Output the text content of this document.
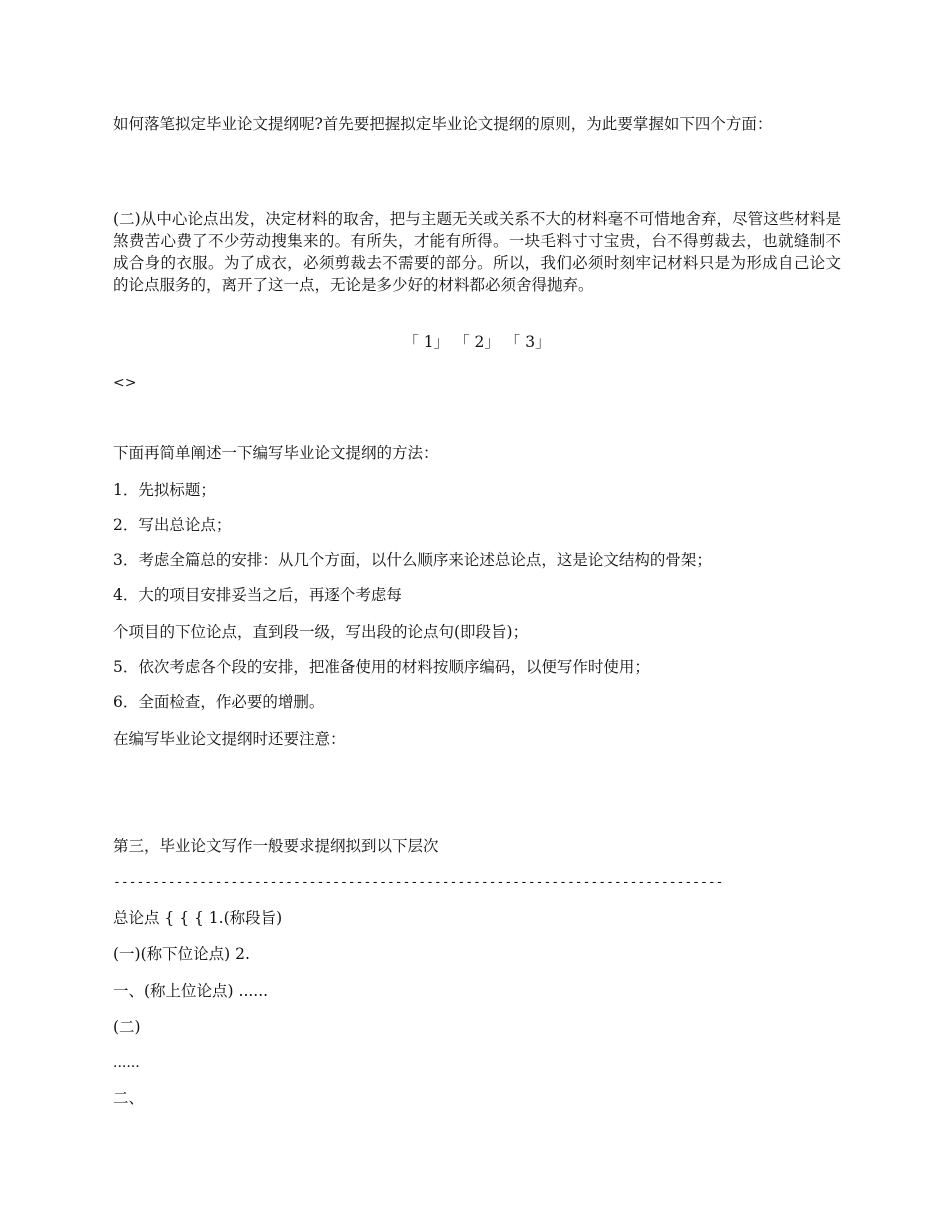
如何落笔拟定毕业论文提纲呢?首先要把握拟定毕业论文提纲的原则，为此要掌握如下四个方面：
(二)从中心论点出发，决定材料的取舍，把与主题无关或关系不大的材料毫不可惜地舍弃，尽管这些材料是煞费苦心费了不少劳动搜集来的。有所失，才能有所得。一块毛料寸寸宝贵，台不得剪裁去，也就缝制不成合身的衣服。为了成衣，必须剪裁去不需要的部分。所以，我们必须时刻牢记材料只是为形成自己论文的论点服务的，离开了这一点，无论是多少好的材料都必须舍得抛弃。
「 1」 「 2」 「 3」
<>
下面再简单阐述一下编写毕业论文提纲的方法：
1．先拟标题；
2．写出总论点；
3．考虑全篇总的安排：从几个方面，以什么顺序来论述总论点，这是论文结构的骨架；
4．大的项目安排妥当之后，再逐个考虑每
个项目的下位论点，直到段一级，写出段的论点句(即段旨)；
5．依次考虑各个段的安排，把准备使用的材料按顺序编码，以便写作时使用；
6．全面检查，作必要的增删。
在编写毕业论文提纲时还要注意：
第三，毕业论文写作一般要求提纲拟到以下层次
------------------------------------------------------------------------------
总论点 { { { 1.(称段旨)
(一)(称下位论点) 2.
一、(称上位论点) ......
(二)
......
二、
